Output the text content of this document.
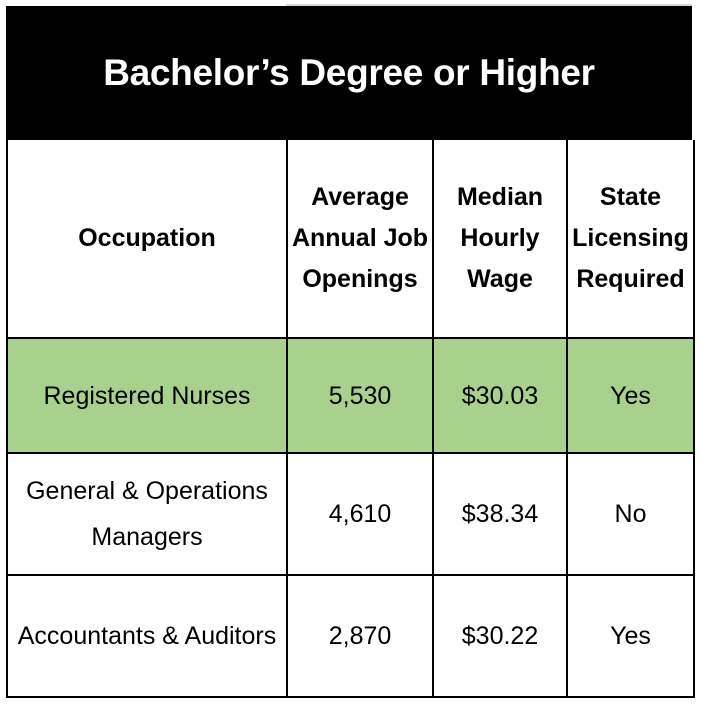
Bachelor’s Degree or Higher
Occupation	Average Annual Job Openings	Median Hourly Wage	State Licensing Required
Registered Nurses	5,530	$30.03	Yes
General & Operations Managers	4,610	$38.34	No
Accountants & Auditors	2,870	$30.22	Yes
